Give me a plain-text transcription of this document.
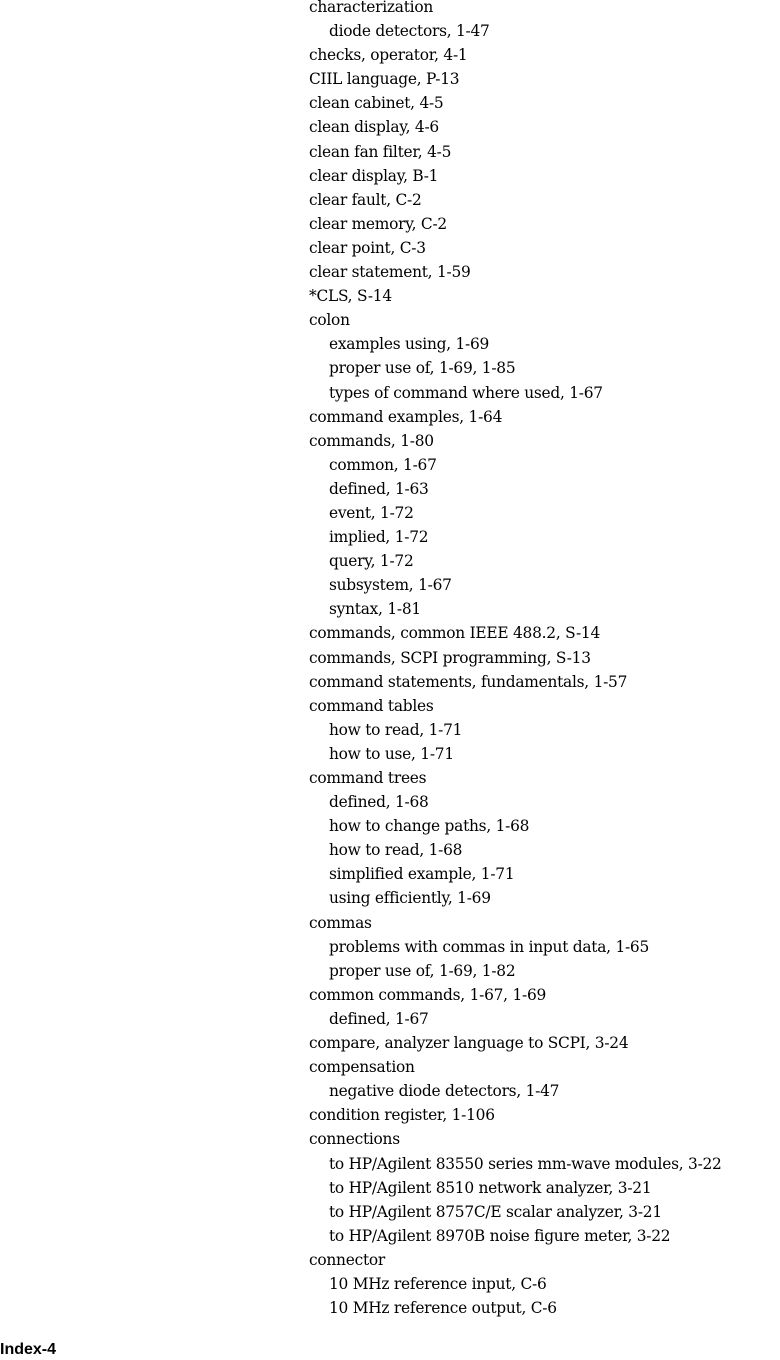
characterization
diode detectors, 1-47
checks, operator, 4-1
CIIL language, P-13
clean cabinet, 4-5
clean display, 4-6
clean fan filter, 4-5
clear display, B-1
clear fault, C-2
clear memory, C-2
clear point, C-3
clear statement, 1-59
*CLS, S-14
colon
examples using, 1-69
proper use of, 1-69, 1-85
types of command where used, 1-67
command examples, 1-64
commands, 1-80
common, 1-67
defined, 1-63
event, 1-72
implied, 1-72
query, 1-72
subsystem, 1-67
syntax, 1-81
commands, common IEEE 488.2, S-14
commands, SCPI programming, S-13
command statements, fundamentals, 1-57
command tables
how to read, 1-71
how to use, 1-71
command trees
defined, 1-68
how to change paths, 1-68
how to read, 1-68
simplified example, 1-71
using efficiently, 1-69
commas
problems with commas in input data, 1-65
proper use of, 1-69, 1-82
common commands, 1-67, 1-69
defined, 1-67
compare, analyzer language to SCPI, 3-24
compensation
negative diode detectors, 1-47
condition register, 1-106
connections
to HP/Agilent 83550 series mm-wave modules, 3-22
to HP/Agilent 8510 network analyzer, 3-21
to HP/Agilent 8757C/E scalar analyzer, 3-21
to HP/Agilent 8970B noise figure meter, 3-22
connector
10 MHz reference input, C-6
10 MHz reference output, C-6
Index-4
